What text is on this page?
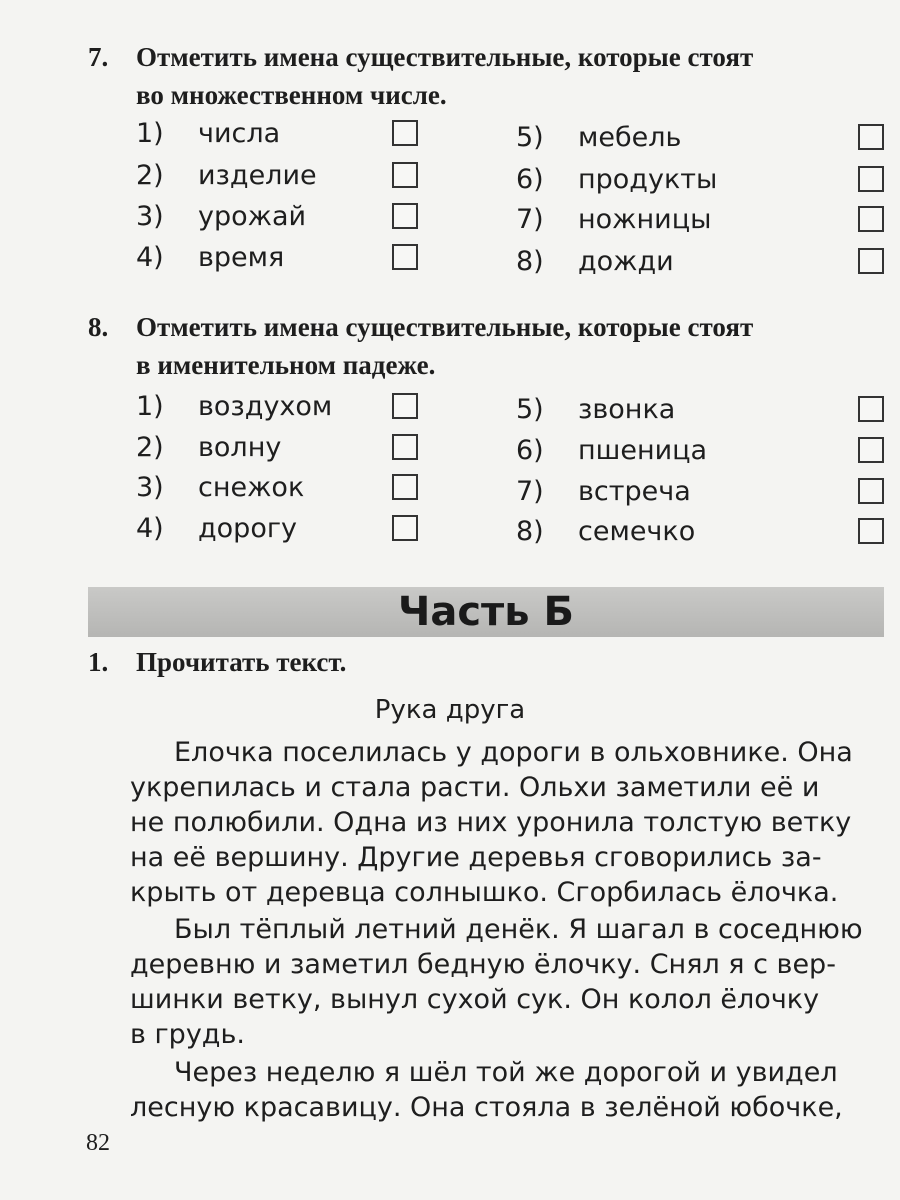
7. Отметить имена существительные, которые стоят
во множественном числе.
1) числа
2) изделие
3) урожай
4) время
5) мебель
6) продукты
7) ножницы
8) дожди
8. Отметить имена существительные, которые стоят
в именительном падеже.
1) воздухом
2) волну
3) снежок
4) дорогу
5) звонка
6) пшеница
7) встреча
8) семечко
Часть Б
1. Прочитать текст.
Рука друга
Елочка поселилась у дороги в ольховнике. Она
укрепилась и стала расти. Ольхи заметили её и
не полюбили. Одна из них уронила толстую ветку
на её вершину. Другие деревья сговорились за-
крыть от деревца солнышко. Сгорбилась ёлочка.
Был тёплый летний денёк. Я шагал в соседнюю
деревню и заметил бедную ёлочку. Снял я с вер-
шинки ветку, вынул сухой сук. Он колол ёлочку
в грудь.
Через неделю я шёл той же дорогой и увидел
лесную красавицу. Она стояла в зелёной юбочке,
82
